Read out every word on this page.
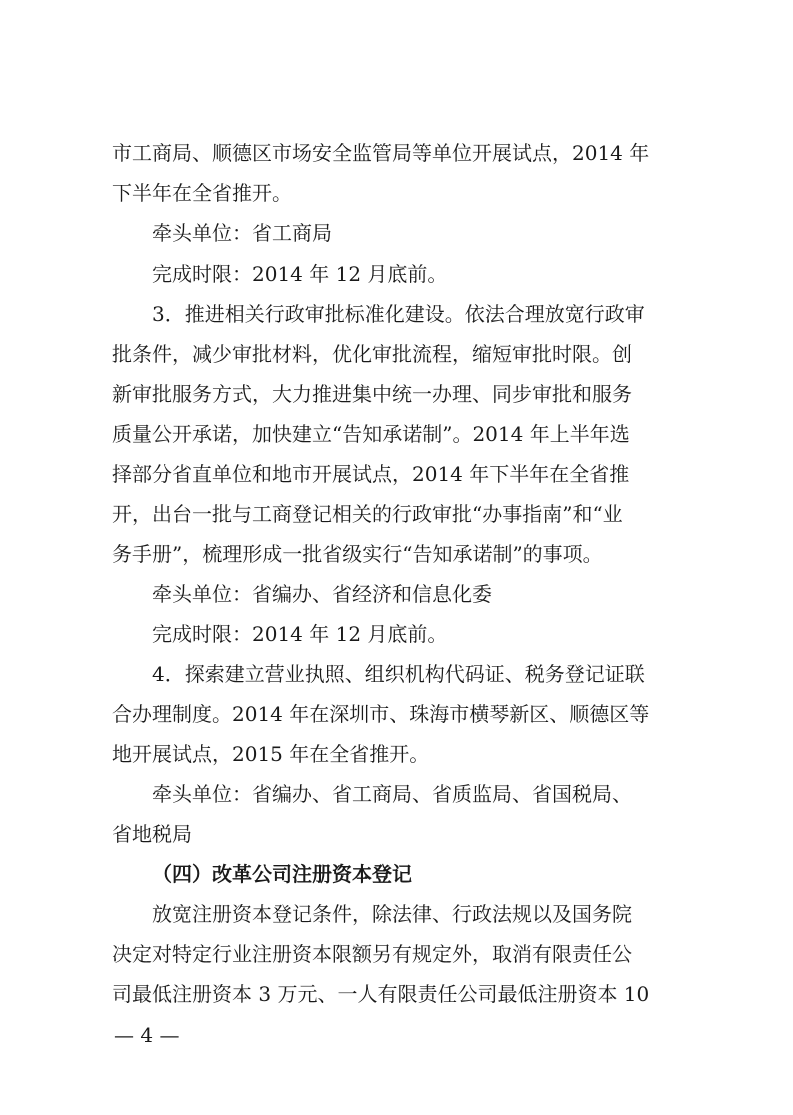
市工商局、顺德区市场安全监管局等单位开展试点，2014 年
下半年在全省推开。
牵头单位：省工商局
完成时限：2014 年 12 月底前。
3．推进相关行政审批标准化建设。依法合理放宽行政审
批条件，减少审批材料，优化审批流程，缩短审批时限。创
新审批服务方式，大力推进集中统一办理、同步审批和服务
质量公开承诺，加快建立“告知承诺制”。2014 年上半年选
择部分省直单位和地市开展试点，2014 年下半年在全省推
开，出台一批与工商登记相关的行政审批“办事指南”和“业
务手册”，梳理形成一批省级实行“告知承诺制”的事项。
牵头单位：省编办、省经济和信息化委
完成时限：2014 年 12 月底前。
4．探索建立营业执照、组织机构代码证、税务登记证联
合办理制度。2014 年在深圳市、珠海市横琴新区、顺德区等
地开展试点，2015 年在全省推开。
牵头单位：省编办、省工商局、省质监局、省国税局、
省地税局
（四）改革公司注册资本登记
放宽注册资本登记条件，除法律、行政法规以及国务院
决定对特定行业注册资本限额另有规定外，取消有限责任公
司最低注册资本 3 万元、一人有限责任公司最低注册资本 10
— 4 —
